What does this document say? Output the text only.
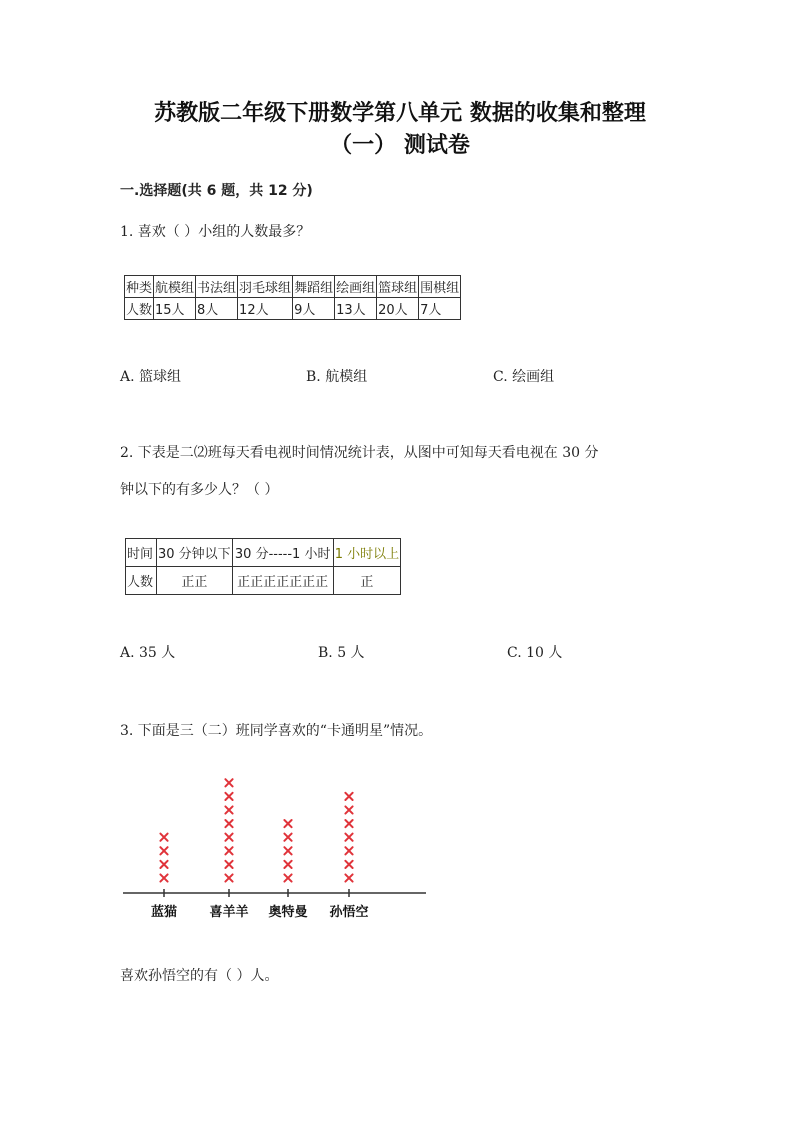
苏教版二年级下册数学第八单元 数据的收集和整理
（一） 测试卷
一.选择题(共 6 题，共 12 分)
1. 喜欢（ ）小组的人数最多？
种类	航模组	书法组	羽毛球组	舞蹈组	绘画组	篮球组	围棋组
人数	15人	8人	12人	9人	13人	20人	7人
A. 篮球组	B. 航模组	C. 绘画组
2. 下表是二⑵班每天看电视时间情况统计表，从图中可知每天看电视在 30 分
钟以下的有多少人？（ ）
时间	30 分钟以下	30 分-----1 小时	1 小时以上
人数	正正	正正正正正正正	正
A. 35 人	B. 5 人	C. 10 人
3. 下面是三（二）班同学喜欢的“卡通明星”情况。
蓝猫 喜羊羊 奥特曼 孙悟空
喜欢孙悟空的有（ ）人。
